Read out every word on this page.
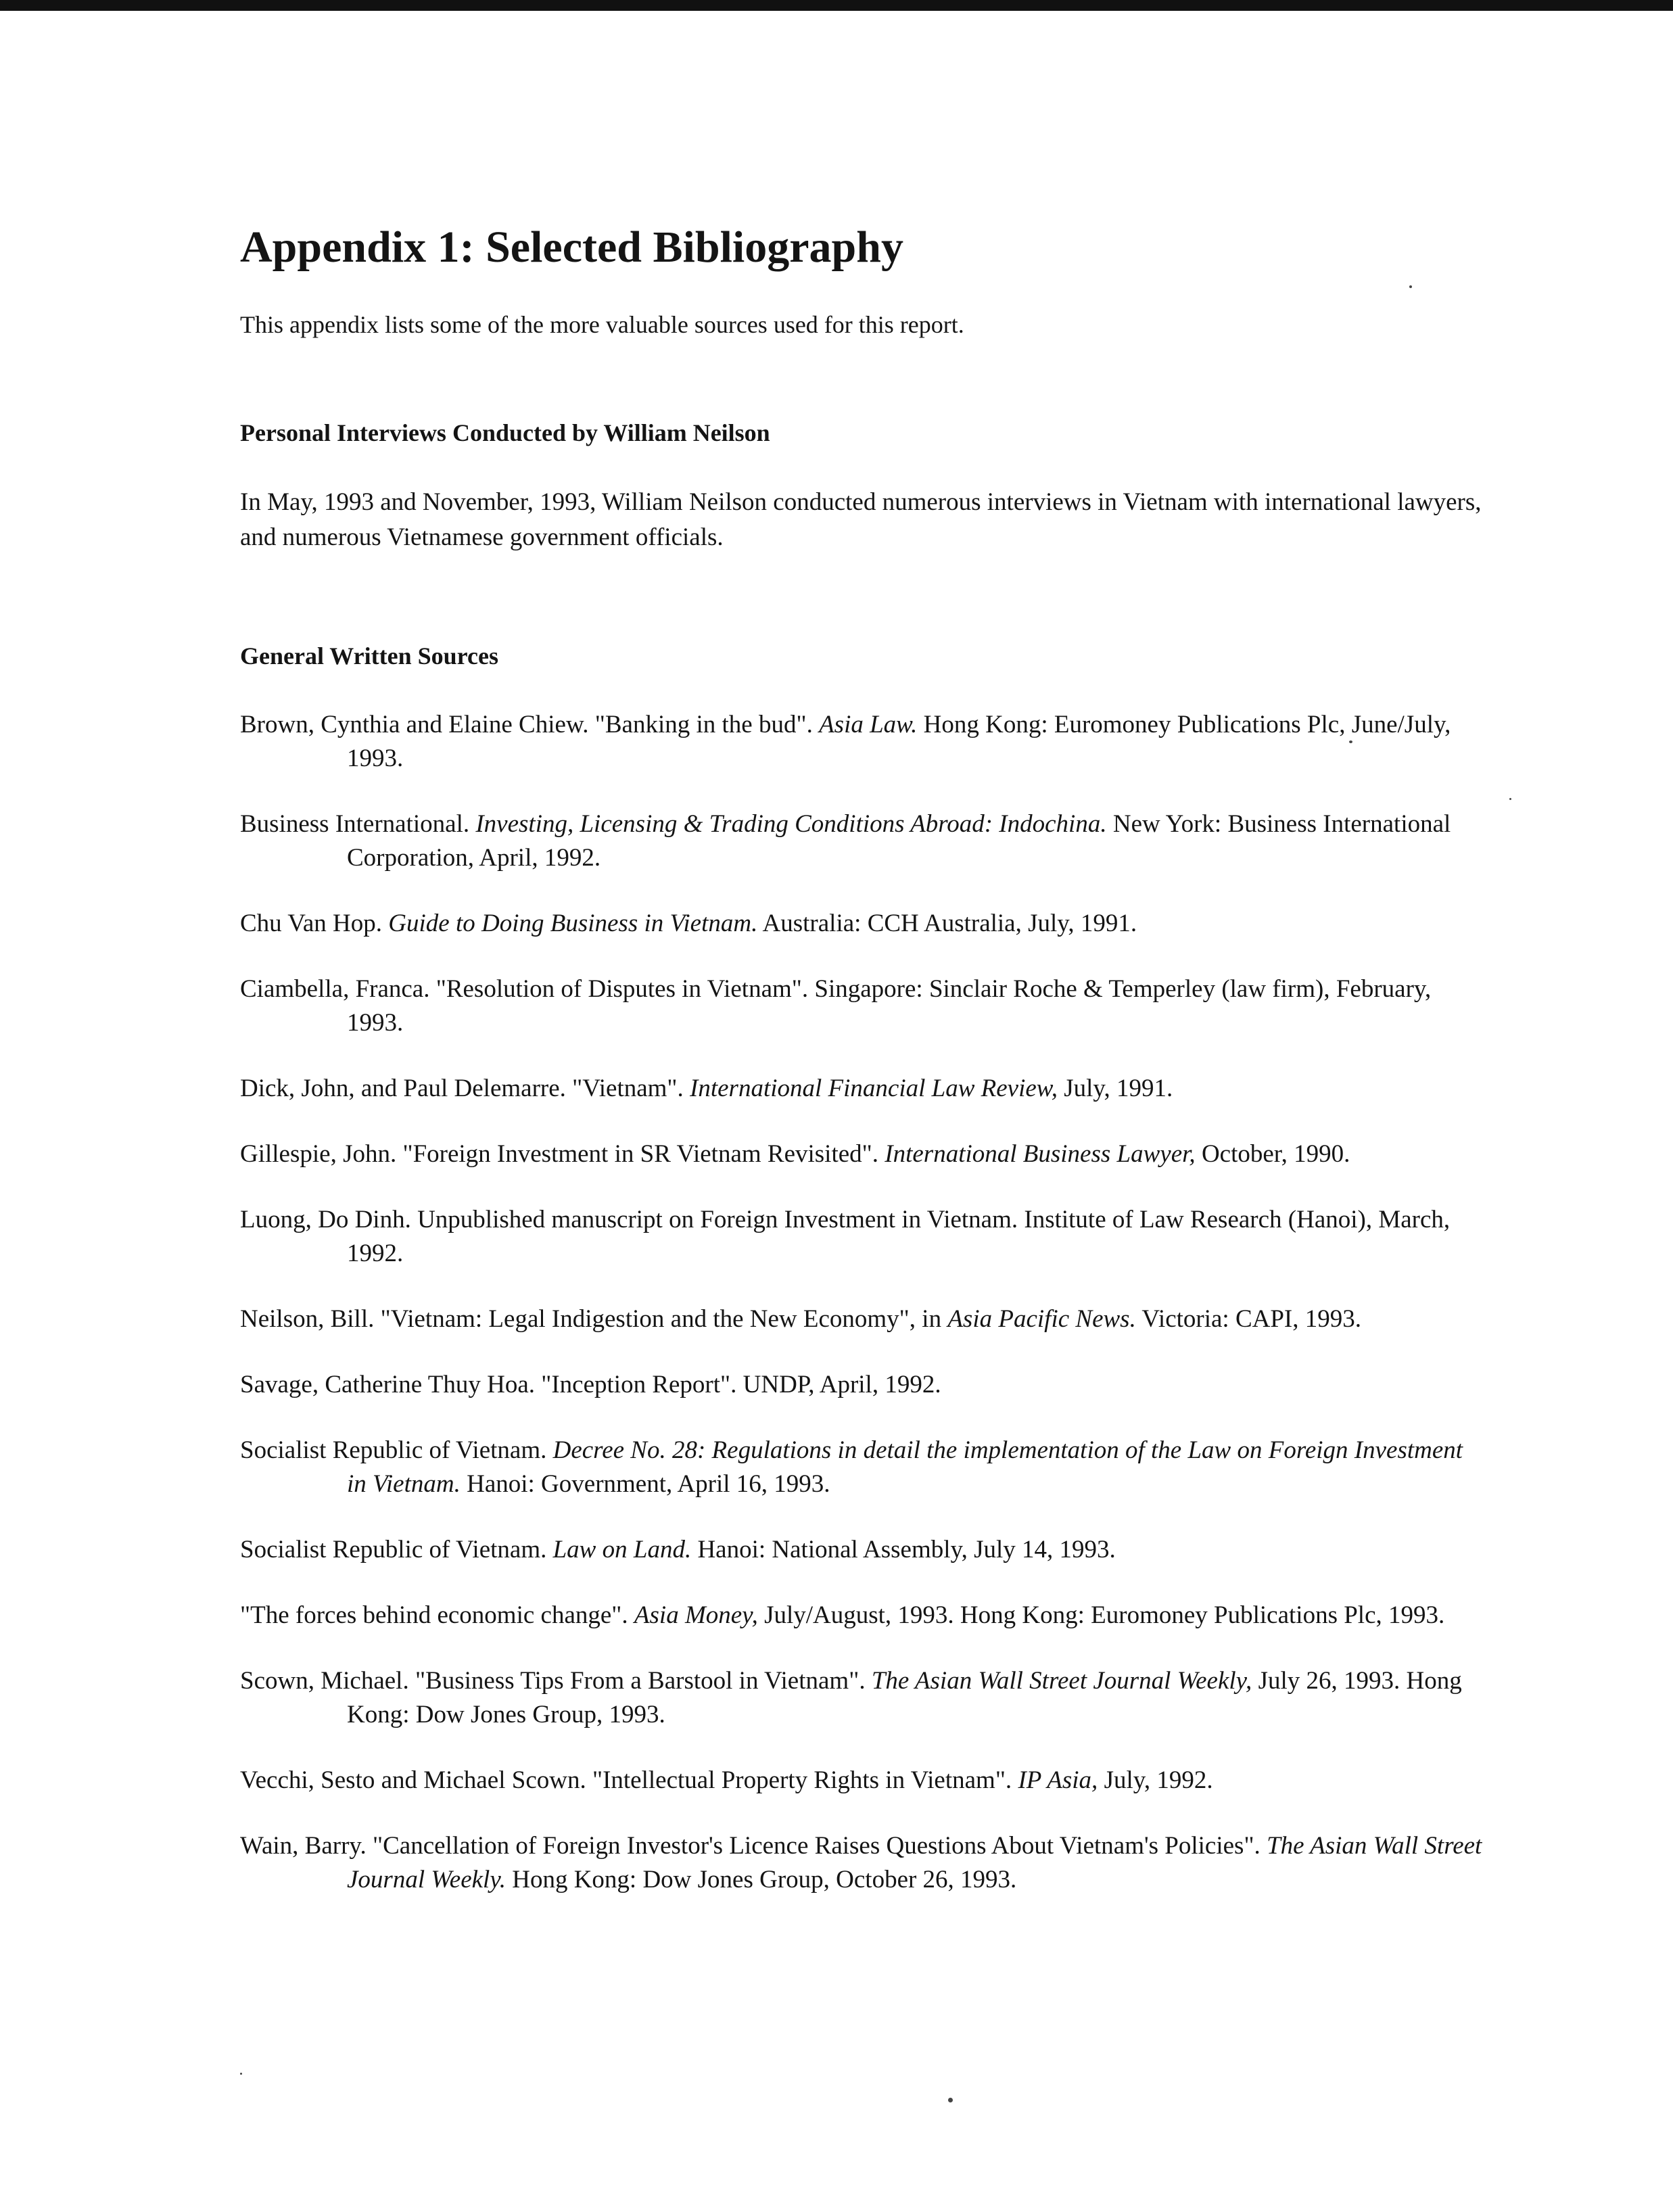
Appendix 1: Selected Bibliography

This appendix lists some of the more valuable sources used for this report.

Personal Interviews Conducted by William Neilson

In May, 1993 and November, 1993, William Neilson conducted numerous interviews in Vietnam with international lawyers, and numerous Vietnamese government officials.

General Written Sources

Brown, Cynthia and Elaine Chiew. "Banking in the bud". Asia Law. Hong Kong: Euromoney Publications Plc, June/July, 1993.
Business International. Investing, Licensing & Trading Conditions Abroad: Indochina. New York: Business International Corporation, April, 1992.
Chu Van Hop. Guide to Doing Business in Vietnam. Australia: CCH Australia, July, 1991.
Ciambella, Franca. "Resolution of Disputes in Vietnam". Singapore: Sinclair Roche & Temperley (law firm), February, 1993.
Dick, John, and Paul Delemarre. "Vietnam". International Financial Law Review, July, 1991.
Gillespie, John. "Foreign Investment in SR Vietnam Revisited". International Business Lawyer, October, 1990.
Luong, Do Dinh. Unpublished manuscript on Foreign Investment in Vietnam. Institute of Law Research (Hanoi), March, 1992.
Neilson, Bill. "Vietnam: Legal Indigestion and the New Economy", in Asia Pacific News. Victoria: CAPI, 1993.
Savage, Catherine Thuy Hoa. "Inception Report". UNDP, April, 1992.
Socialist Republic of Vietnam. Decree No. 28: Regulations in detail the implementation of the Law on Foreign Investment in Vietnam. Hanoi: Government, April 16, 1993.
Socialist Republic of Vietnam. Law on Land. Hanoi: National Assembly, July 14, 1993.
"The forces behind economic change". Asia Money, July/August, 1993. Hong Kong: Euromoney Publications Plc, 1993.
Scown, Michael. "Business Tips From a Barstool in Vietnam". The Asian Wall Street Journal Weekly, July 26, 1993. Hong Kong: Dow Jones Group, 1993.
Vecchi, Sesto and Michael Scown. "Intellectual Property Rights in Vietnam". IP Asia, July, 1992.
Wain, Barry. "Cancellation of Foreign Investor's Licence Raises Questions About Vietnam's Policies". The Asian Wall Street Journal Weekly. Hong Kong: Dow Jones Group, October 26, 1993.
